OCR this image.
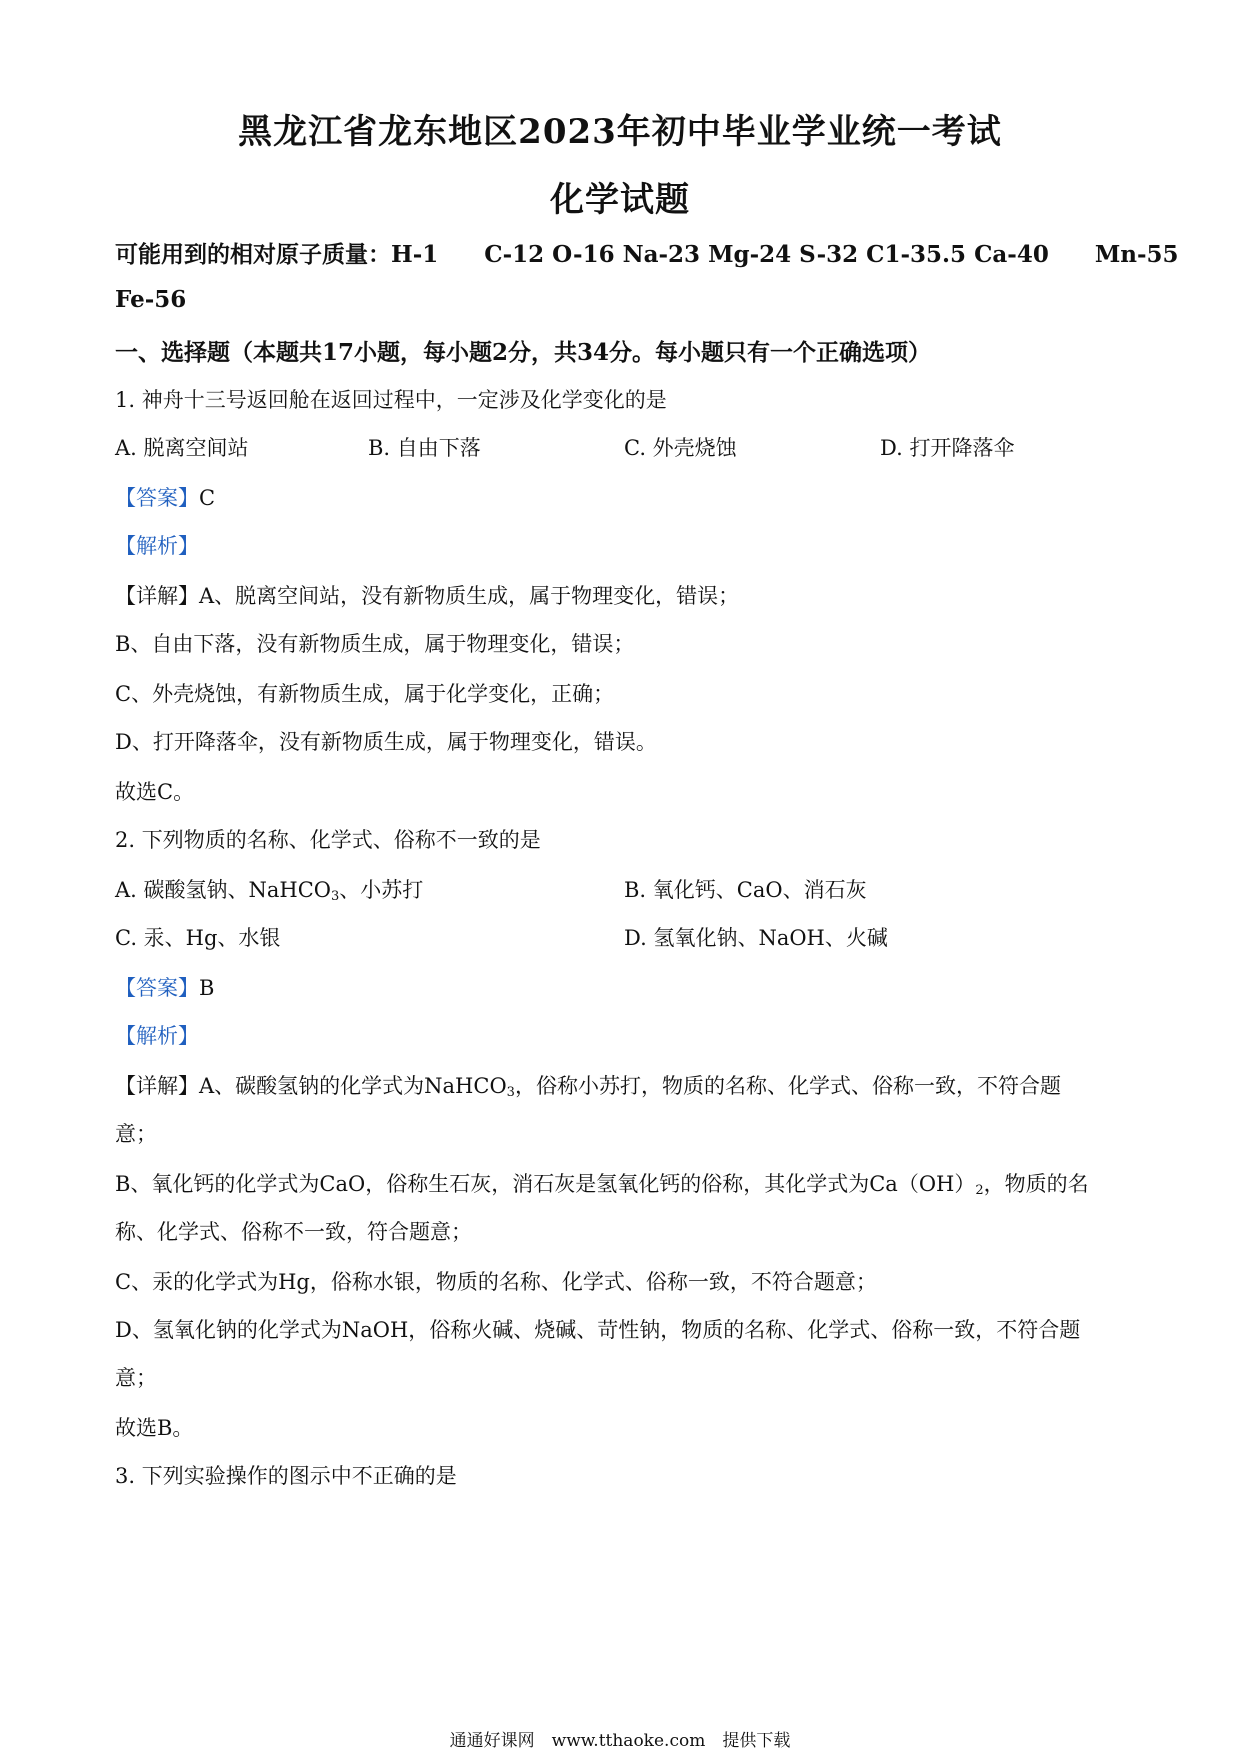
黑龙江省龙东地区2023年初中毕业学业统一考试
化学试题
可能用到的相对原子质量：H-1　　C-12 O-16 Na-23 Mg-24 S-32 C1-35.5 Ca-40　　Mn-55
Fe-56
一、选择题（本题共17小题，每小题2分，共34分。每小题只有一个正确选项）
1. 神舟十三号返回舱在返回过程中，一定涉及化学变化的是
A. 脱离空间站	B. 自由下落	C. 外壳烧蚀	D. 打开降落伞
【答案】C
【解析】
【详解】A、脱离空间站，没有新物质生成，属于物理变化，错误；
B、自由下落，没有新物质生成，属于物理变化，错误；
C、外壳烧蚀，有新物质生成，属于化学变化，正确；
D、打开降落伞，没有新物质生成，属于物理变化，错误。
故选C。
2. 下列物质的名称、化学式、俗称不一致的是
A. 碳酸氢钠、NaHCO$_3$、小苏打	B. 氧化钙、CaO、消石灰
C. 汞、Hg、水银	D. 氢氧化钠、NaOH、火碱
【答案】B
【解析】
【详解】A、碳酸氢钠的化学式为NaHCO$_3$，俗称小苏打，物质的名称、化学式、俗称一致，不符合题
意；
B、氧化钙的化学式为CaO，俗称生石灰，消石灰是氢氧化钙的俗称，其化学式为$Ca(OH)_2$，物质的名
称、化学式、俗称不一致，符合题意；
C、汞的化学式为Hg，俗称水银，物质的名称、化学式、俗称一致，不符合题意；
D、氢氧化钠的化学式为NaOH，俗称火碱、烧碱、苛性钠，物质的名称、化学式、俗称一致，不符合题
意；
故选B。
3. 下列实验操作的图示中不正确的是
通通好课网　www.tthaoke.com　提供下载
